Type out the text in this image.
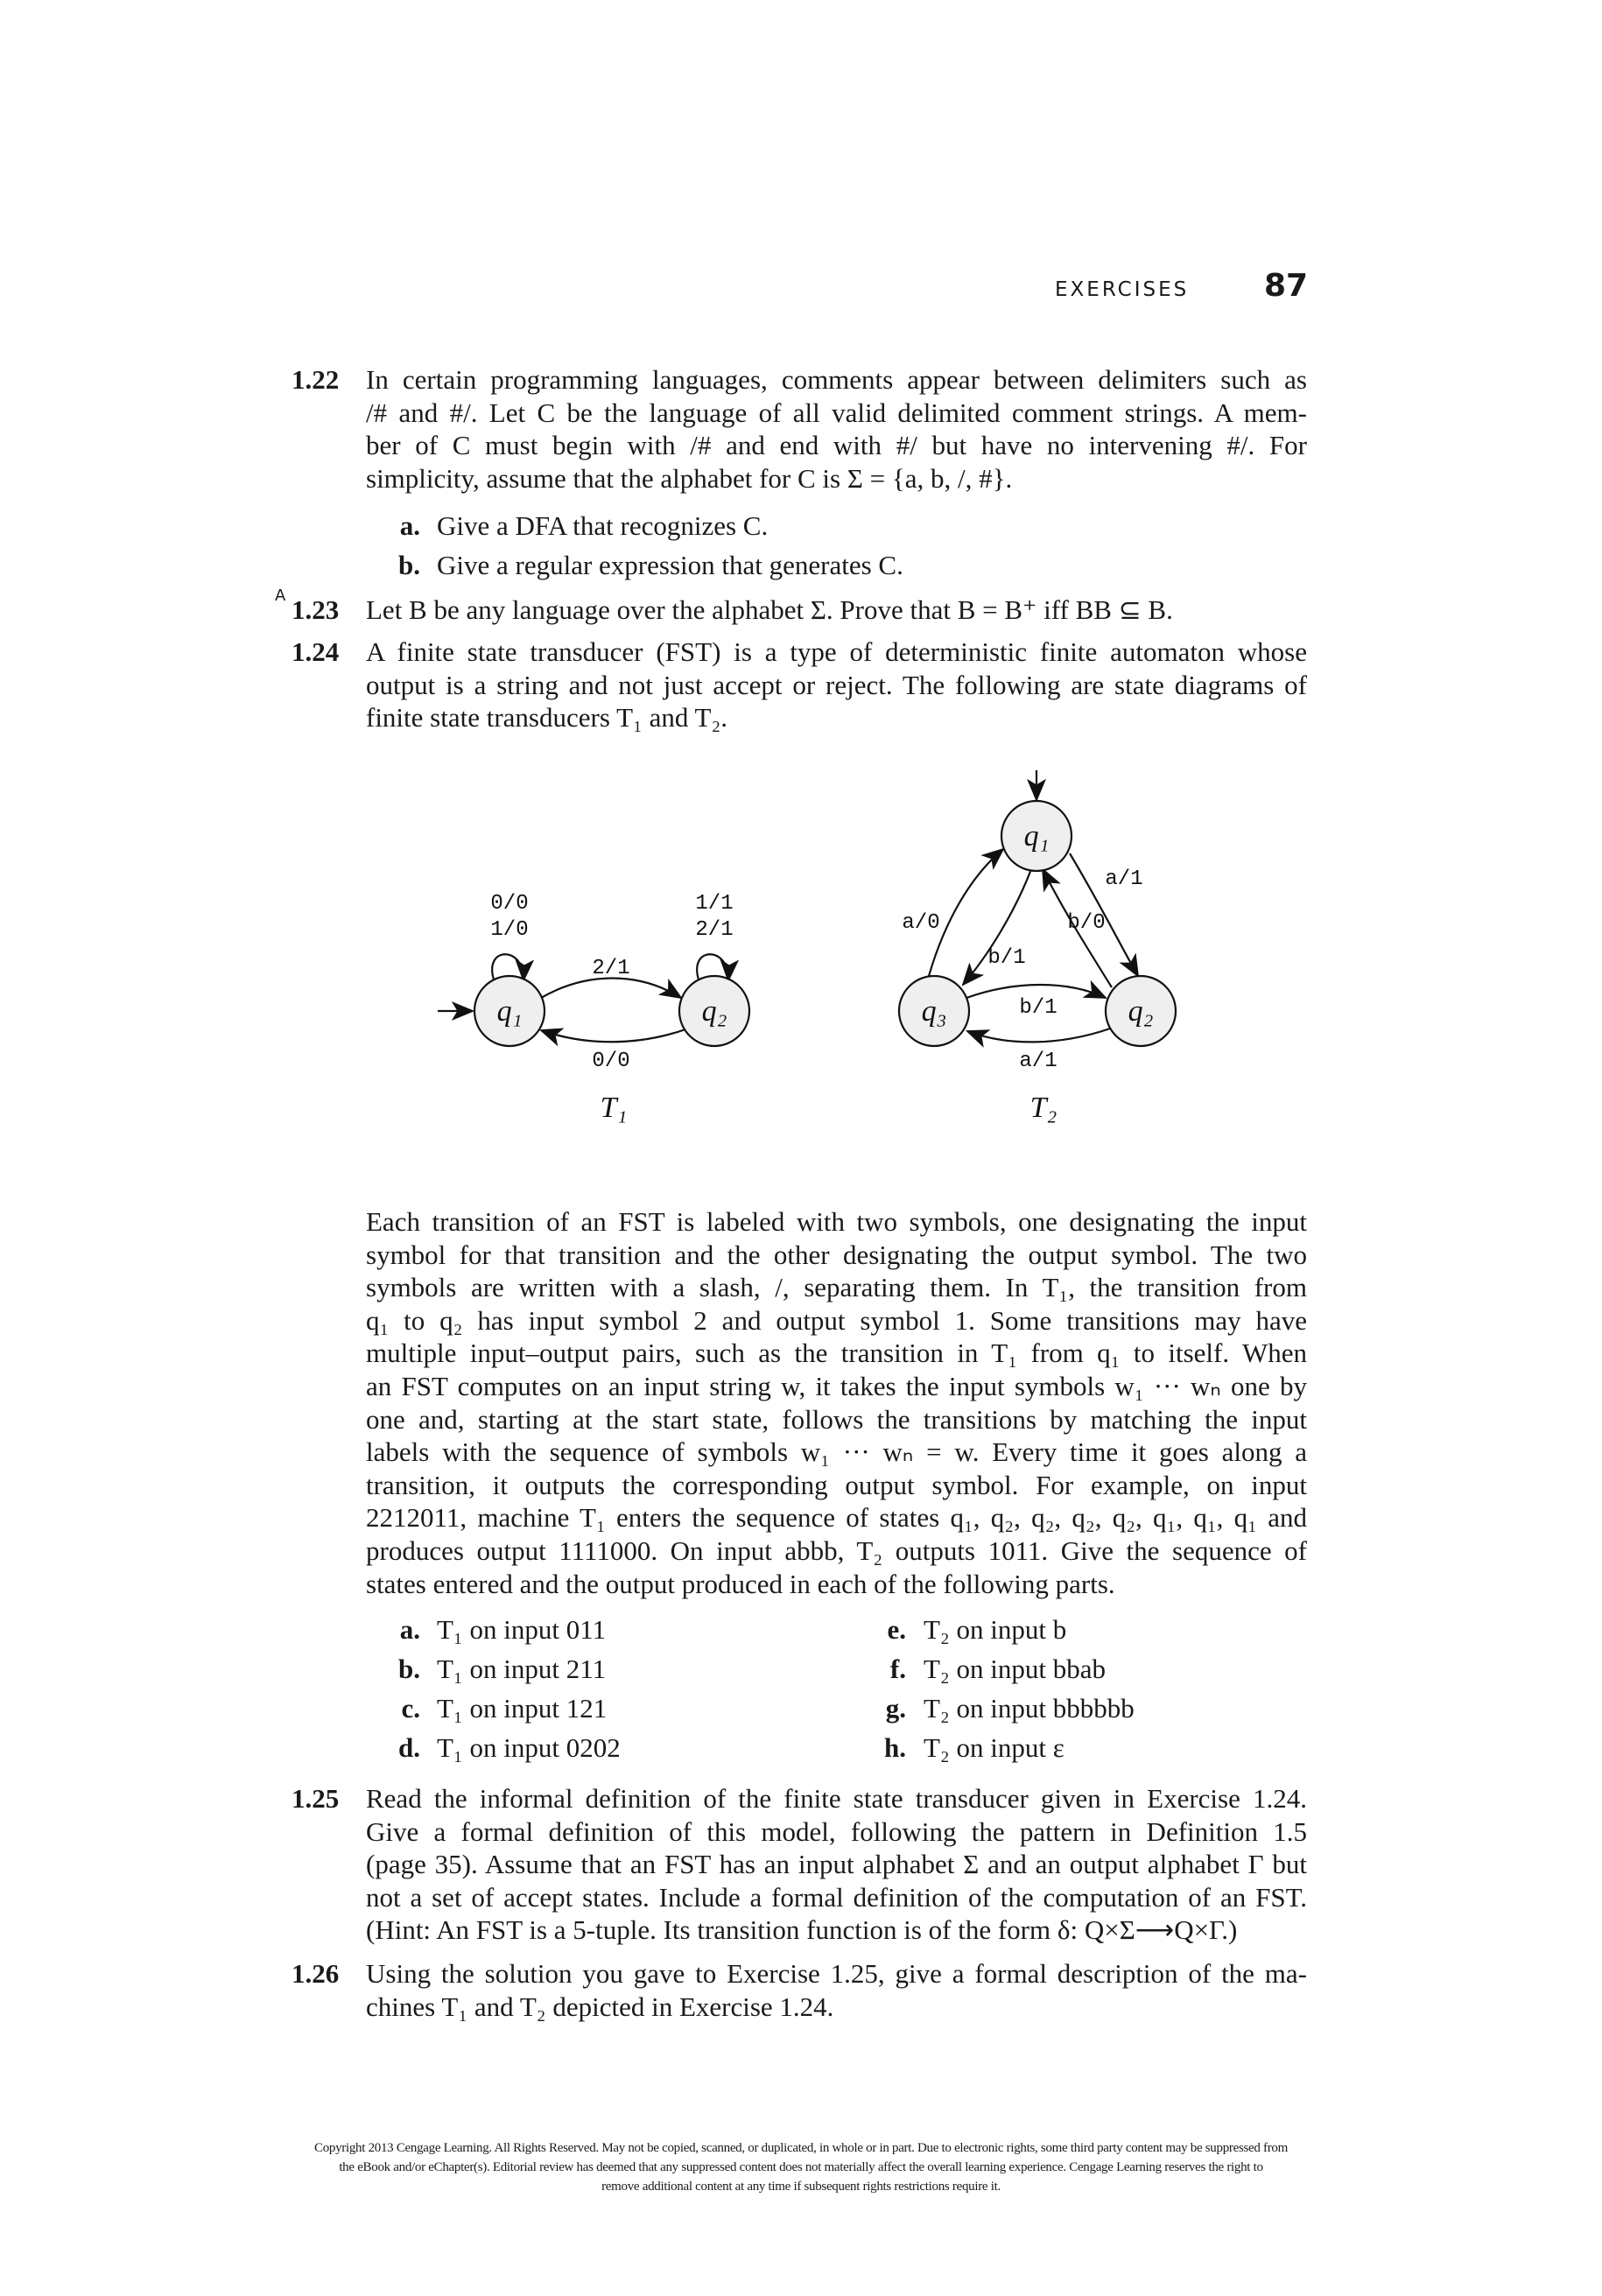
EXERCISES 87
1.22 In certain programming languages, comments appear between delimiters such as
/# and #/. Let C be the language of all valid delimited comment strings. A mem-
ber of C must begin with /# and end with #/ but have no intervening #/. For
simplicity, assume that the alphabet for C is Σ = {a, b, /, #}.
a. Give a DFA that recognizes C.
b. Give a regular expression that generates C.
A 1.23 Let B be any language over the alphabet Σ. Prove that B = B⁺ iff BB ⊆ B.
1.24 A finite state transducer (FST) is a type of deterministic finite automaton whose
output is a string and not just accept or reject. The following are state diagrams of
finite state transducers T₁ and T₂.
Each transition of an FST is labeled with two symbols, one designating the input
symbol for that transition and the other designating the output symbol. The two
symbols are written with a slash, /, separating them. In T₁, the transition from
q₁ to q₂ has input symbol 2 and output symbol 1. Some transitions may have
multiple input–output pairs, such as the transition in T₁ from q₁ to itself. When
an FST computes on an input string w, it takes the input symbols w₁ ··· wₙ one by
one and, starting at the start state, follows the transitions by matching the input
labels with the sequence of symbols w₁ ··· wₙ = w. Every time it goes along a
transition, it outputs the corresponding output symbol. For example, on input
2212011, machine T₁ enters the sequence of states q₁, q₂, q₂, q₂, q₂, q₁, q₁, q₁ and
produces output 1111000. On input abbb, T₂ outputs 1011. Give the sequence of
states entered and the output produced in each of the following parts.
a. T₁ on input 011
b. T₁ on input 211
c. T₁ on input 121
d. T₁ on input 0202
e. T₂ on input b
f. T₂ on input bbab
g. T₂ on input bbbbbb
h. T₂ on input ε
1.25 Read the informal definition of the finite state transducer given in Exercise 1.24.
Give a formal definition of this model, following the pattern in Definition 1.5
(page 35). Assume that an FST has an input alphabet Σ and an output alphabet Γ but
not a set of accept states. Include a formal definition of the computation of an FST.
(Hint: An FST is a 5-tuple. Its transition function is of the form δ: Q×Σ⟶Q×Γ.)
1.26 Using the solution you gave to Exercise 1.25, give a formal description of the ma-
chines T₁ and T₂ depicted in Exercise 1.24.
q₁	q₂
0/0
1/0
1/1
2/1
2/1
0/0
T₁
q₁
q₂
q₃
a/1
a/0	b/0
b/1
b/1
a/1
T₂
Copyright 2013 Cengage Learning. All Rights Reserved. May not be copied, scanned, or duplicated, in whole or in part. Due to electronic rights, some third party content may be suppressed from
the eBook and/or eChapter(s). Editorial review has deemed that any suppressed content does not materially affect the overall learning experience. Cengage Learning reserves the right to
remove additional content at any time if subsequent rights restrictions require it.
